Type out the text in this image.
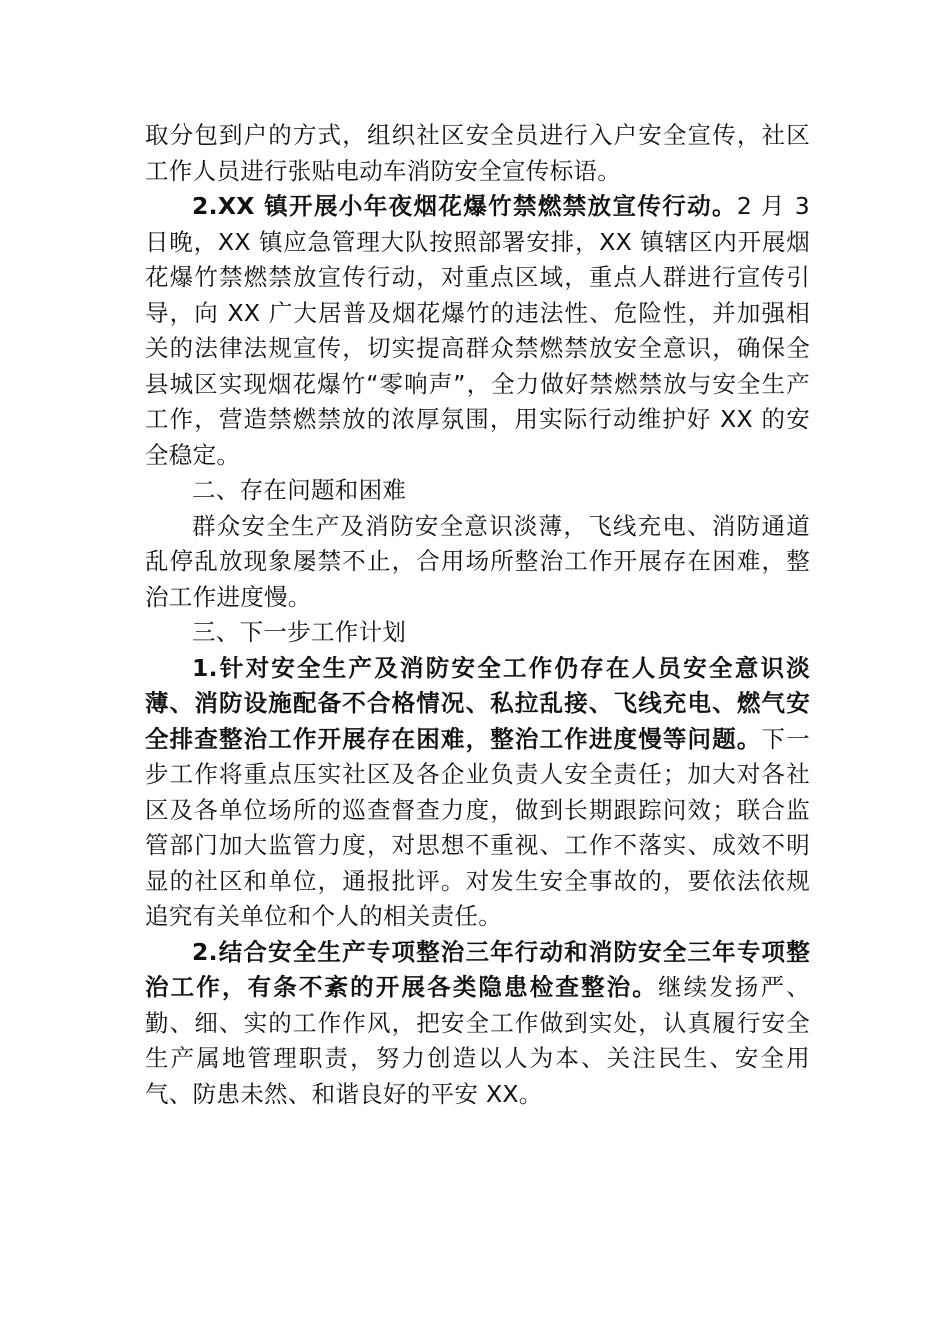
取分包到户的方式，组织社区安全员进行入户安全宣传，社区工作人员进行张贴电动车消防安全宣传标语。

2.XX 镇开展小年夜烟花爆竹禁燃禁放宣传行动。2 月 3 日晚，XX 镇应急管理大队按照部署安排，XX 镇辖区内开展烟花爆竹禁燃禁放宣传行动，对重点区域，重点人群进行宣传引导，向 XX 广大居普及烟花爆竹的违法性、危险性，并加强相关的法律法规宣传，切实提高群众禁燃禁放安全意识，确保全县城区实现烟花爆竹“零响声”，全力做好禁燃禁放与安全生产工作，营造禁燃禁放的浓厚氛围，用实际行动维护好 XX 的安全稳定。

二、存在问题和困难

群众安全生产及消防安全意识淡薄，飞线充电、消防通道乱停乱放现象屡禁不止，合用场所整治工作开展存在困难，整治工作进度慢。

三、下一步工作计划

1.针对安全生产及消防安全工作仍存在人员安全意识淡薄、消防设施配备不合格情况、私拉乱接、飞线充电、燃气安全排查整治工作开展存在困难，整治工作进度慢等问题。下一步工作将重点压实社区及各企业负责人安全责任；加大对各社区及各单位场所的巡查督查力度，做到长期跟踪问效；联合监管部门加大监管力度，对思想不重视、工作不落实、成效不明显的社区和单位，通报批评。对发生安全事故的，要依法依规追究有关单位和个人的相关责任。

2.结合安全生产专项整治三年行动和消防安全三年专项整治工作，有条不紊的开展各类隐患检查整治。继续发扬严、勤、细、实的工作作风，把安全工作做到实处，认真履行安全生产属地管理职责，努力创造以人为本、关注民生、安全用气、防患未然、和谐良好的平安 XX。
